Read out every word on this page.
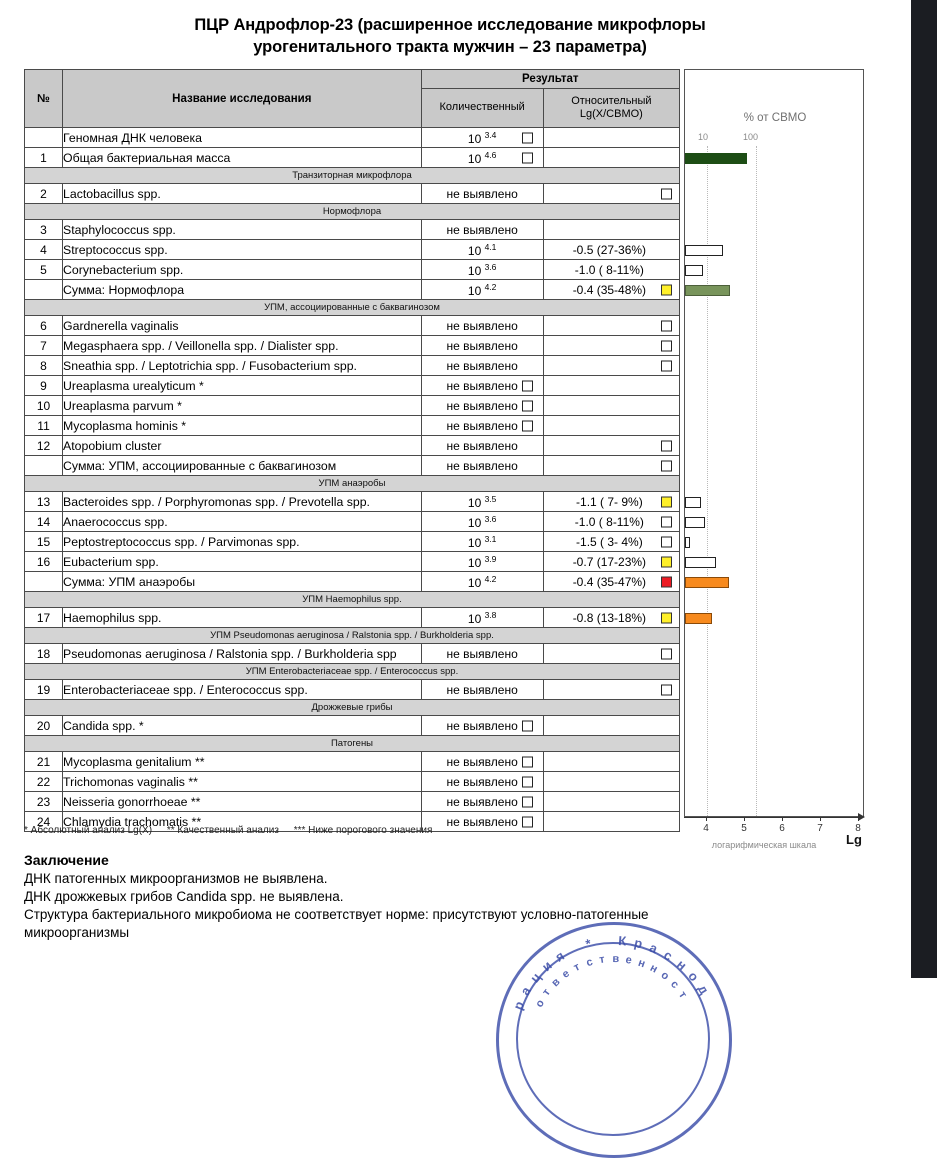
ПЦР Андрофлор-23 (расширенное исследование микрофлоры
урогенитального тракта мужчин – 23 параметра)
№	Название исследования	Результат	
		Количественный	Относительный
Lg(X/CBMO)

	Геномная ДНК человека	10 $^{3.4}$

1	Общая бактериальная масса	10 $^{4.6}$

Транзиторная микрофлора			
2	Lactobacillus spp.	не выявлено	

Нормофлора			
3	Staphylococcus spp.	не выявлено	
4	Streptococcus spp.	10 $^{4.1}$	-0.5 (27-36%)
5	Corynebacterium spp.	10 $^{3.6}$	-1.0 ( 8-11%)
	Сумма: Нормофлора	10 $^{4.2}$	-0.4 (35-48%)

УПМ, ассоциированные с баквагинозом			
6	Gardnerella vaginalis	не выявлено	

7	Megasphaera spp. / Veillonella spp. / Dialister spp.	не выявлено	

8	Sneathia spp. / Leptotrichia spp. / Fusobacterium spp.	не выявлено	

9	Ureaplasma urealyticum *	не выявлено

10	Ureaplasma parvum *	не выявлено

11	Mycoplasma hominis *	не выявлено

12	Atopobium cluster	не выявлено	

	Сумма: УПМ, ассоциированные с баквагинозом	не выявлено	

УПМ анаэробы			
13	Bacteroides spp. / Porphyromonas spp. / Prevotella spp.	10 $^{3.5}$	-1.1 ( 7- 9%)

14	Anaerococcus spp.	10 $^{3.6}$	-1.0 ( 8-11%)

15	Peptostreptococcus spp. / Parvimonas spp.	10 $^{3.1}$	-1.5 ( 3- 4%)

16	Eubacterium spp.	10 $^{3.9}$	-0.7 (17-23%)

	Сумма: УПМ анаэробы	10 $^{4.2}$	-0.4 (35-47%)

УПМ Haemophilus spp.			
17	Haemophilus spp.	10 $^{3.8}$	-0.8 (13-18%)

УПМ Pseudomonas aeruginosa / Ralstonia spp. / Burkholderia spp.			
18	Pseudomonas aeruginosa / Ralstonia spp. / Burkholderia spp	не выявлено	

УПМ Enterobacteriaceae spp. / Enterococcus spp.			
19	Enterobacteriaceae spp. / Enterococcus spp.	не выявлено	

Дрожжевые грибы			
20	Candida spp. *	не выявлено

Патогены			
21	Mycoplasma genitalium **	не выявлено

22	Trichomonas vaginalis **	не выявлено

23	Neisseria gonorrhoeae **	не выявлено

24	Chlamydia trachomatis **	не выявлено

% от СВМО
10	100
4	5	6	7	8
логарифмическая шкала	Lg
* Абсолютный анализ Lg(X) ** Качественный анализ *** Ниже порогового значения
Заключение
ДНК патогенных микроорганизмов не выявлена.
ДНК дрожжевых грибов Candida spp. не выявлена.
Структура бактериального микробиома не соответствует норме: присутствуют условно-патогенные
микроорганизмы
р
а
ц
и
я
* К р а с
н
о
д
о
т
в
е
т с т в е н н
о
с
т
